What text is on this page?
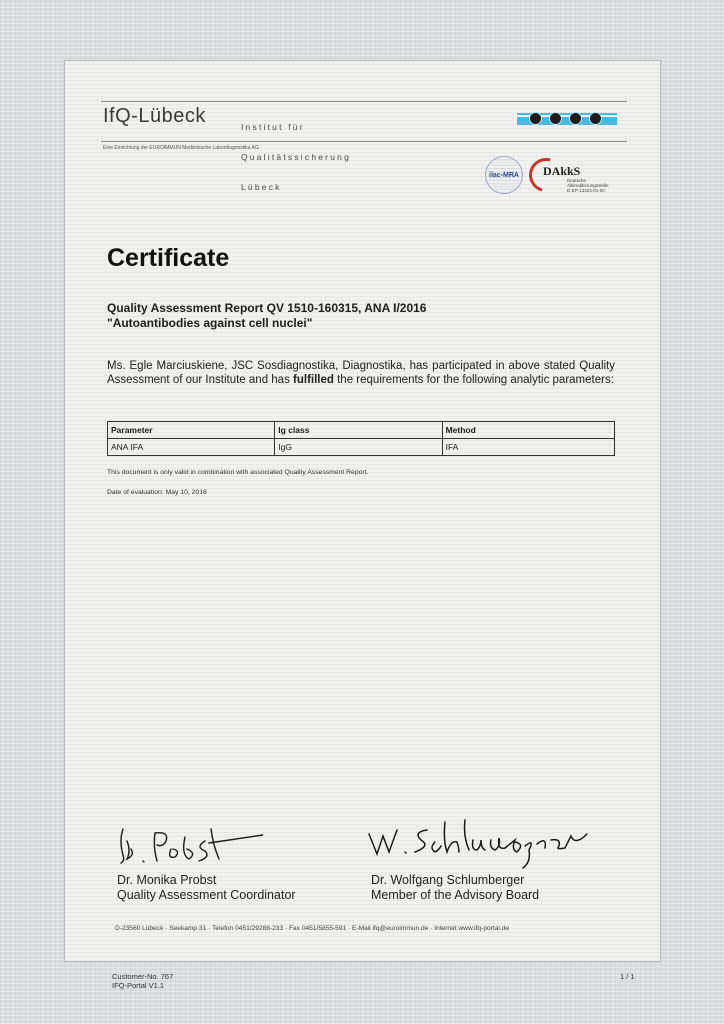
IfQ-Lübeck

	Institut für

Qualitätssicherung

Lübeck

Eine Einrichtung der EUROIMMUN Medizinische Labordiagnostika AG
ilac-MRA DAkkS
Deutsche
Akkreditierungsstelle
D-EP-13423-01-00
Certificate
Quality Assessment Report QV 1510-160315, ANA I/2016
"Autoantibodies against cell nuclei"
Ms. Egle Marciuskiene, JSC Sosdiagnostika, Diagnostika, has participated in above stated Quality Assessment of our Institute and has fulfilled the requirements for the following analytic parameters:
Parameter	Ig class	Method
ANA IFA	IgG	IFA
This document is only valid in combination with associated Quality Assessment Report.
Date of evaluation: May 10, 2016
Dr. Monika Probst
Quality Assessment Coordinator
Dr. Wolfgang Schlumberger
Member of the Advisory Board
D-23560 Lübeck · Seekamp 31 · Telefon 0451/29288-233 · Fax 0451/5855-591 · E-Mail ifq@euroimmun.de · Internet www.ifq-portal.de
Customer-No. 767
IFQ-Portal V1.1
1 / 1
